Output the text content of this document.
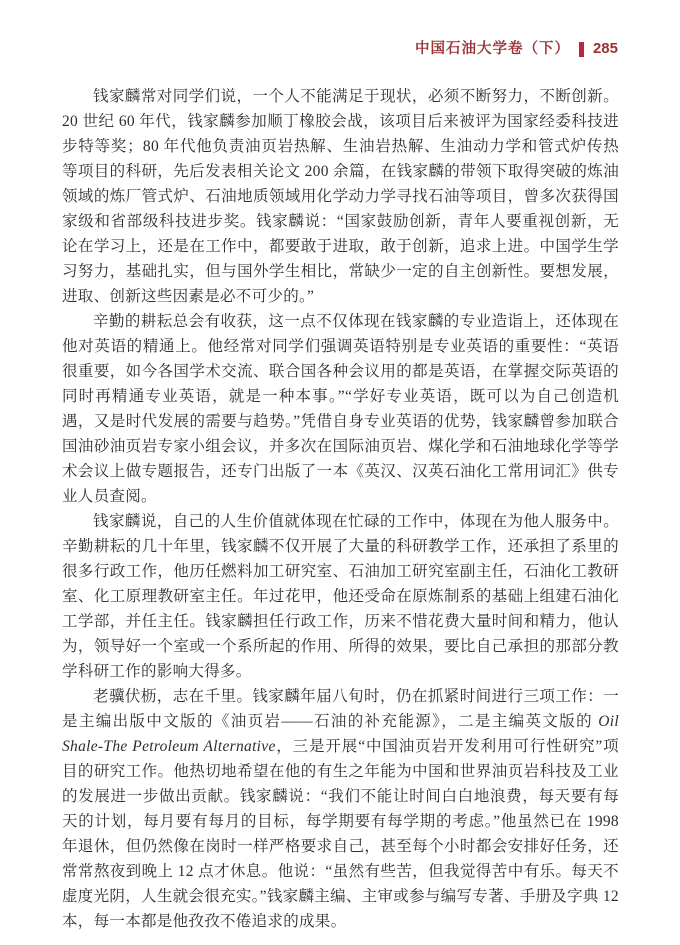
中国石油大学卷（下） 285

钱家麟常对同学们说，一个人不能满足于现状，必须不断努力，不断创新。20 世纪 60 年代，钱家麟参加顺丁橡胶会战，该项目后来被评为国家经委科技进步特等奖；80 年代他负责油页岩热解、生油岩热解、生油动力学和管式炉传热等项目的科研，先后发表相关论文 200 余篇，在钱家麟的带领下取得突破的炼油领域的炼厂管式炉、石油地质领域用化学动力学寻找石油等项目，曾多次获得国家级和省部级科技进步奖。钱家麟说：“国家鼓励创新，青年人要重视创新，无论在学习上，还是在工作中，都要敢于进取，敢于创新，追求上进。中国学生学习努力，基础扎实，但与国外学生相比，常缺少一定的自主创新性。要想发展，进取、创新这些因素是必不可少的。”

辛勤的耕耘总会有收获，这一点不仅体现在钱家麟的专业造诣上，还体现在他对英语的精通上。他经常对同学们强调英语特别是专业英语的重要性：“英语很重要，如今各国学术交流、联合国各种会议用的都是英语，在掌握交际英语的同时再精通专业英语，就是一种本事。”“学好专业英语，既可以为自己创造机遇，又是时代发展的需要与趋势。”凭借自身专业英语的优势，钱家麟曾参加联合国油砂油页岩专家小组会议，并多次在国际油页岩、煤化学和石油地球化学等学术会议上做专题报告，还专门出版了一本《英汉、汉英石油化工常用词汇》供专业人员查阅。

钱家麟说，自己的人生价值就体现在忙碌的工作中，体现在为他人服务中。辛勤耕耘的几十年里，钱家麟不仅开展了大量的科研教学工作，还承担了系里的很多行政工作，他历任燃料加工研究室、石油加工研究室副主任，石油化工教研室、化工原理教研室主任。年过花甲，他还受命在原炼制系的基础上组建石油化工学部，并任主任。钱家麟担任行政工作，历来不惜花费大量时间和精力，他认为，领导好一个室或一个系所起的作用、所得的效果，要比自己承担的那部分教学科研工作的影响大得多。

老骥伏枥，志在千里。钱家麟年届八旬时，仍在抓紧时间进行三项工作：一是主编出版中文版的《油页岩——石油的补充能源》，二是主编英文版的 Oil Shale-The Petroleum Alternative，三是开展“中国油页岩开发利用可行性研究”项目的研究工作。他热切地希望在他的有生之年能为中国和世界油页岩科技及工业的发展进一步做出贡献。钱家麟说：“我们不能让时间白白地浪费，每天要有每天的计划，每月要有每月的目标，每学期要有每学期的考虑。”他虽然已在 1998 年退休，但仍然像在岗时一样严格要求自己，甚至每个小时都会安排好任务，还常常熬夜到晚上 12 点才休息。他说：“虽然有些苦，但我觉得苦中有乐。每天不虚度光阴，人生就会很充实。”钱家麟主编、主审或参与编写专著、手册及字典 12 本，每一本都是他孜孜不倦追求的成果。
